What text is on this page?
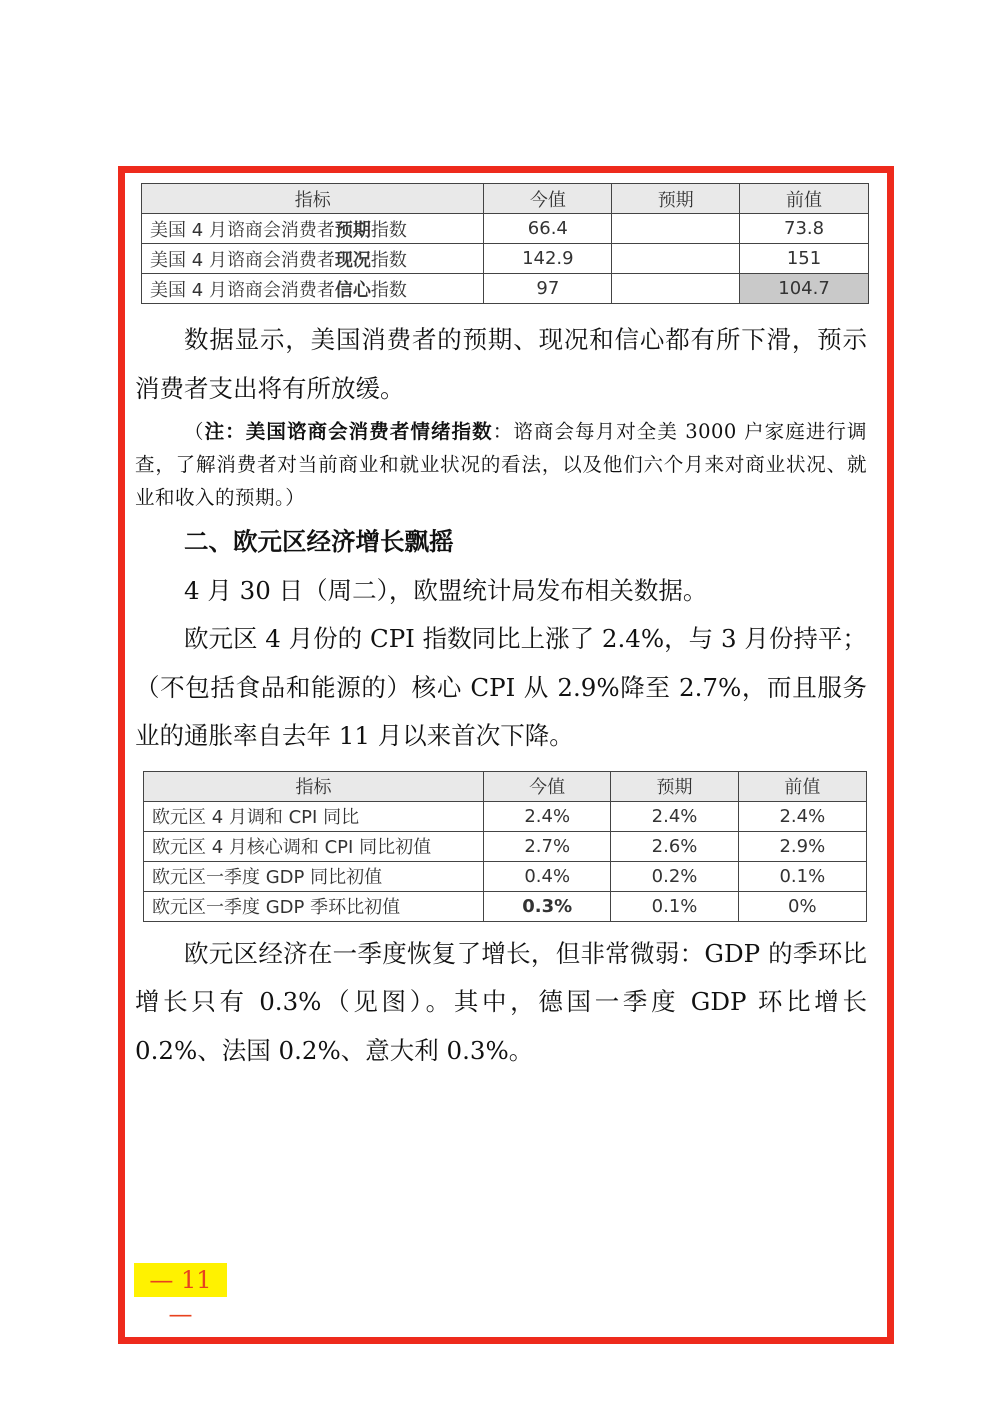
指标	今值	预期	前值
美国 4 月谘商会消费者预期指数	66.4		73.8
美国 4 月谘商会消费者现况指数	142.9		151
美国 4 月谘商会消费者信心指数	97		104.7

数据显示，美国消费者的预期、现况和信心都有所下滑，预示消费者支出将有所放缓。

（注：美国谘商会消费者情绪指数：谘商会每月对全美 3000 户家庭进行调查，了解消费者对当前商业和就业状况的看法，以及他们六个月来对商业状况、就业和收入的预期。）

二、欧元区经济增长飘摇

4 月 30 日（周二），欧盟统计局发布相关数据。

欧元区 4 月份的 CPI 指数同比上涨了 2.4%，与 3 月份持平；

（不包括食品和能源的）核心 CPI 从 2.9%降至 2.7%，而且服务业的通胀率自去年 11 月以来首次下降。

指标	今值	预期	前值
欧元区 4 月调和 CPI 同比	2.4%	2.4%	2.4%
欧元区 4 月核心调和 CPI 同比初值	2.7%	2.6%	2.9%
欧元区一季度 GDP 同比初值	0.4%	0.2%	0.1%
欧元区一季度 GDP 季环比初值	0.3%	0.1%	0%

欧元区经济在一季度恢复了增长，但非常微弱：GDP 的季环比增长只有 0.3%（见图）。其中，德国一季度 GDP 环比增长 0.2%、法国 0.2%、意大利 0.3%。

— 11 —
